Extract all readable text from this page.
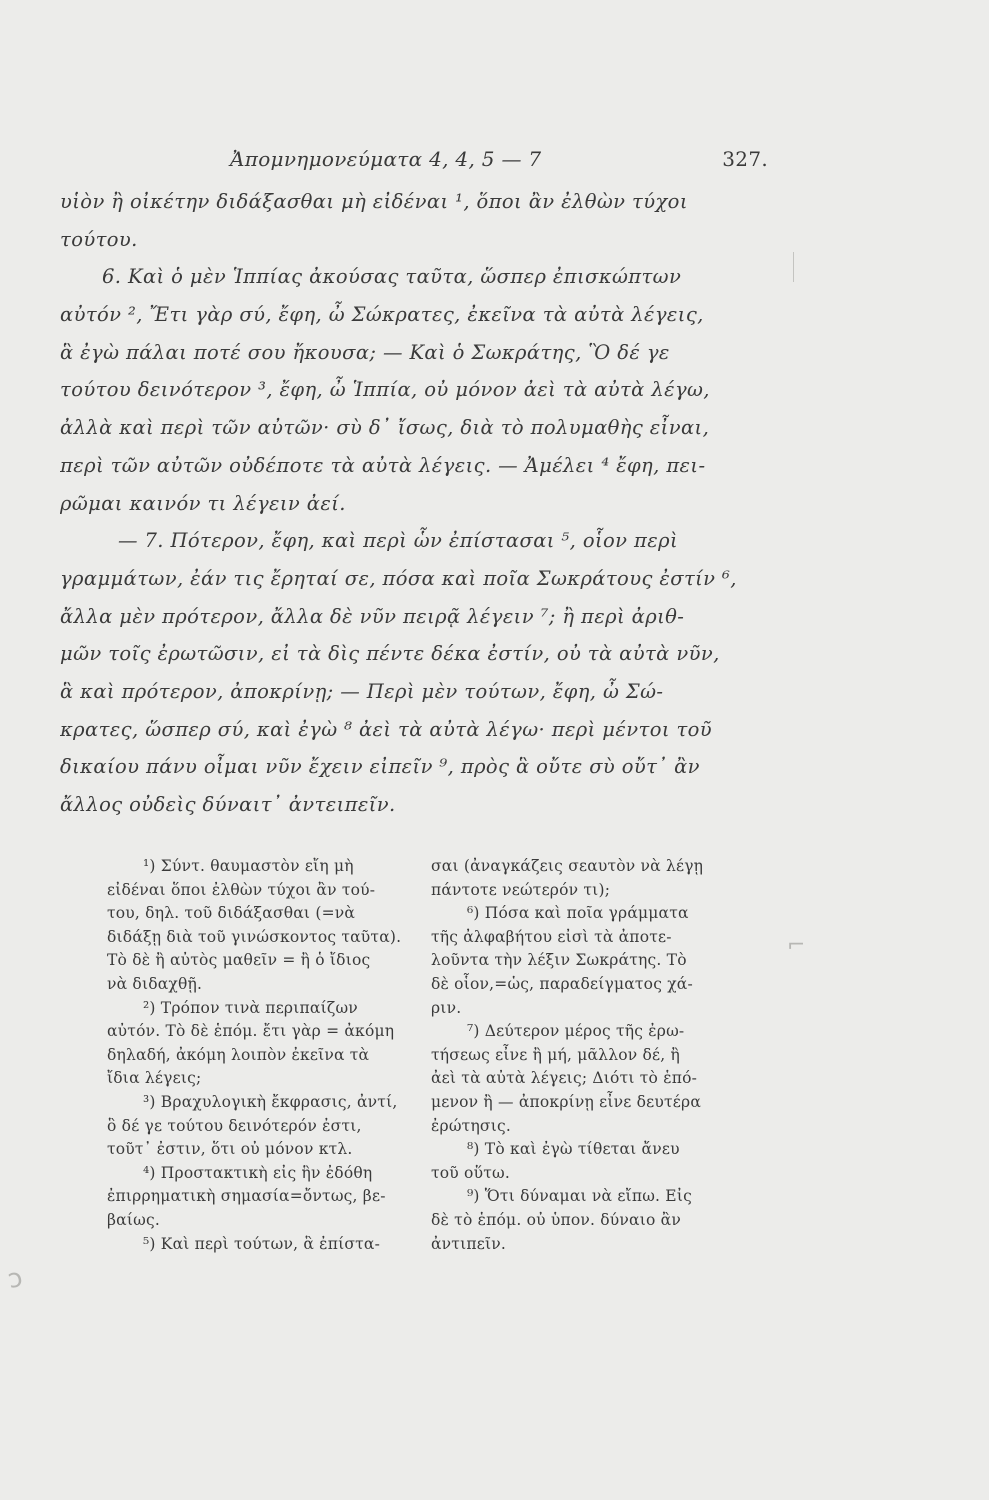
Ἀπομνημονεύματα 4, 4, 5 — 7	327.
υἱὸν ἢ οἰκέτην διδάξασθαι μὴ εἰδέναι ¹, ὅποι ἂν ἐλθὼν τύχοι
τούτου.
6. Καὶ ὁ μὲν Ἱππίας ἀκούσας ταῦτα, ὥσπερ ἐπισκώπτων
αὐτόν ², Ἔτι γὰρ σύ, ἔφη, ὦ Σώκρατες, ἐκεῖνα τὰ αὐτὰ λέγεις,
ἃ ἐγὼ πάλαι ποτέ σου ἤκουσα; — Καὶ ὁ Σωκράτης, Ὃ δέ γε
τούτου δεινότερον ³, ἔφη, ὦ Ἱππία, οὐ μόνον ἀεὶ τὰ αὐτὰ λέγω,
ἀλλὰ καὶ περὶ τῶν αὐτῶν· σὺ δ᾽ ἴσως, διὰ τὸ πολυμαθὴς εἶναι,
περὶ τῶν αὐτῶν οὐδέποτε τὰ αὐτὰ λέγεις. — Ἀμέλει ⁴ ἔφη, πει-
ρῶμαι καινόν τι λέγειν ἀεί.
— 7. Πότερον, ἔφη, καὶ περὶ ὧν ἐπίστασαι ⁵, οἷον περὶ
γραμμάτων, ἐάν τις ἔρηταί σε, πόσα καὶ ποῖα Σωκράτους ἐστίν ⁶,
ἄλλα μὲν πρότερον, ἄλλα δὲ νῦν πειρᾷ λέγειν ⁷; ἢ περὶ ἀριθ-
μῶν τοῖς ἐρωτῶσιν, εἰ τὰ δὶς πέντε δέκα ἐστίν, οὐ τὰ αὐτὰ νῦν,
ἃ καὶ πρότερον, ἀποκρίνῃ; — Περὶ μὲν τούτων, ἔφη, ὦ Σώ-
κρατες, ὥσπερ σύ, καὶ ἐγὼ ⁸ ἀεὶ τὰ αὐτὰ λέγω· περὶ μέντοι τοῦ
δικαίου πάνυ οἶμαι νῦν ἔχειν εἰπεῖν ⁹, πρὸς ἃ οὔτε σὺ οὔτ᾽ ἂν
ἄλλος οὐδεὶς δύναιτ᾽ ἀντειπεῖν.
¹) Σύντ. θαυμαστὸν εἴη μὴ
εἰδέναι ὅποι ἐλθὼν τύχοι ἂν τού-
του, δηλ. τοῦ διδάξασθαι (=νὰ
διδάξῃ διὰ τοῦ γινώσκοντος ταῦτα).
Τὸ δὲ ἢ αὐτὸς μαθεῖν = ἢ ὁ ἴδιος
νὰ διδαχθῇ.
²) Τρόπον τινὰ περιπαίζων
αὐτόν. Τὸ δὲ ἑπόμ. ἔτι γὰρ = ἀκόμη
δηλαδή, ἀκόμη λοιπὸν ἐκεῖνα τὰ
ἴδια λέγεις;
³) Βραχυλογικὴ ἔκφρασις, ἀντί,
ὃ δέ γε τούτου δεινότερόν ἐστι,
τοῦτ᾽ ἐστιν, ὅτι οὐ μόνον κτλ.
⁴) Προστακτικὴ εἰς ἣν ἐδόθη
ἐπιρρηματικὴ σημασία=ὄντως, βε-
βαίως.
⁵) Καὶ περὶ τούτων, ἃ ἐπίστα-
σαι (ἀναγκάζεις σεαυτὸν νὰ λέγῃ
πάντοτε νεώτερόν τι);
⁶) Πόσα καὶ ποῖα γράμματα
τῆς ἀλφαβήτου εἰσὶ τὰ ἀποτε-
λοῦντα τὴν λέξιν Σωκράτης. Τὸ
δὲ οἷον,=ὡς, παραδείγματος χά-
ριν.
⁷) Δεύτερον μέρος τῆς ἐρω-
τήσεως εἶνε ἢ μή, μᾶλλον δέ, ἢ
ἀεὶ τὰ αὐτὰ λέγεις; Διότι τὸ ἑπό-
μενον ἢ — ἀποκρίνῃ εἶνε δευτέρα
ἐρώτησις.
⁸) Τὸ καὶ ἐγὼ τίθεται ἄνευ
τοῦ οὕτω.
⁹) Ὅτι δύναμαι νὰ εἴπω. Εἰς
δὲ τὸ ἑπόμ. οὐ ὑπον. δύναιο ἂν
ἀντιπεῖν.
⌐
ↄ
